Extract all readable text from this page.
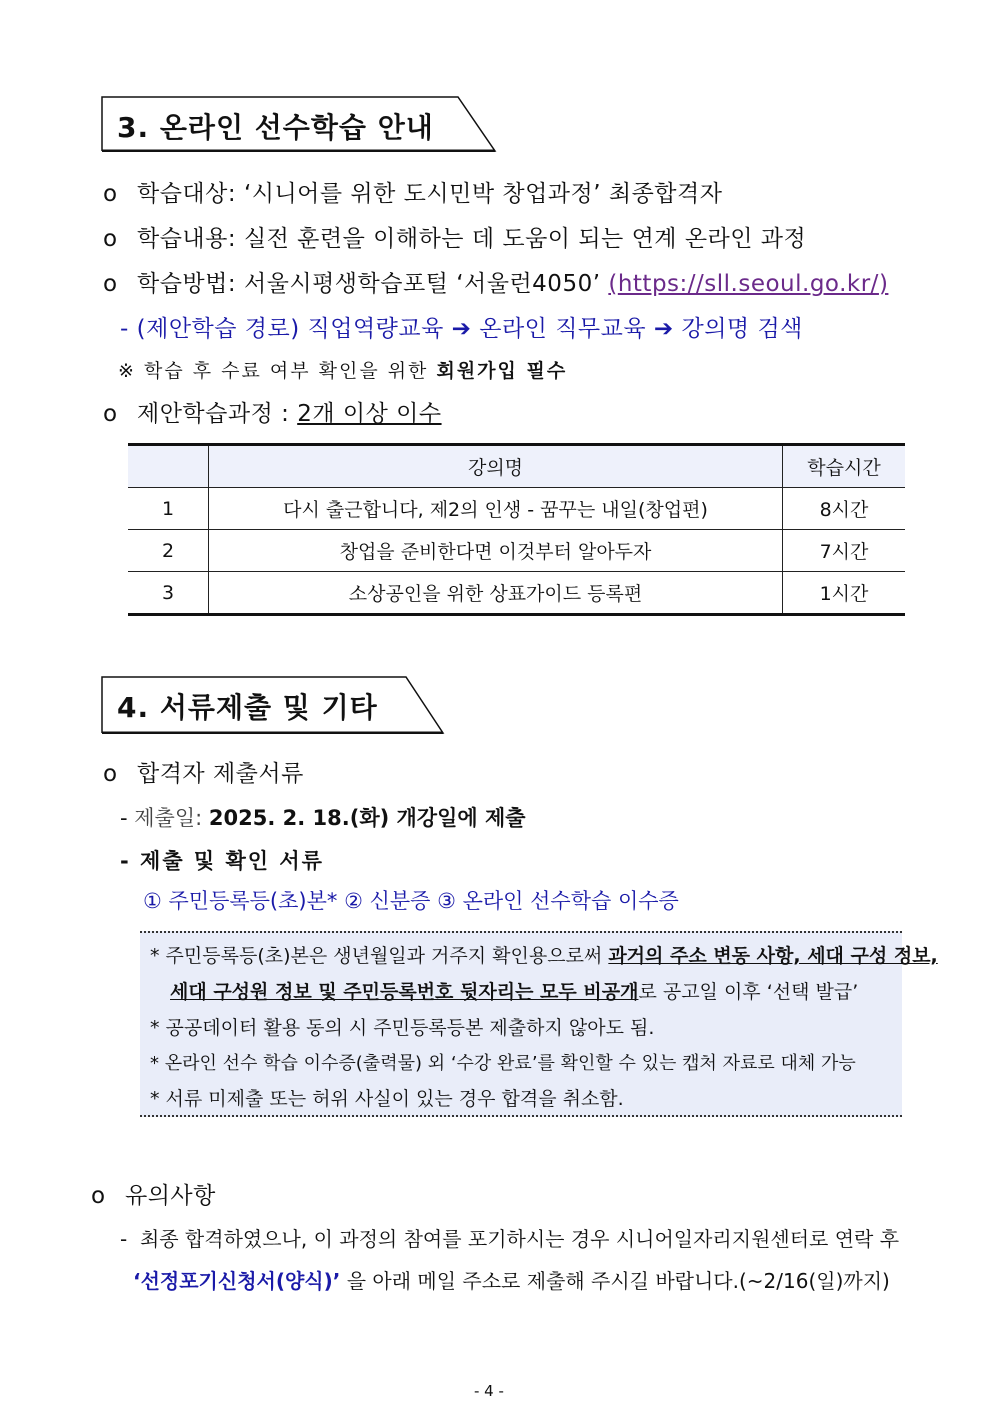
3. 온라인 선수학습 안내
o 학습대상: ‘시니어를 위한 도시민박 창업과정’ 최종합격자
o 학습내용: 실전 훈련을 이해하는 데 도움이 되는 연계 온라인 과정
o 학습방법: 서울시평생학습포털 ‘서울런4050’ (https://sll.seoul.go.kr/)
- (제안학습 경로) 직업역량교육 ➔ 온라인 직무교육 ➔ 강의명 검색
※ 학습 후 수료 여부 확인을 위한 회원가입 필수
o 제안학습과정 : 2개 이상 이수
	강의명	학습시간
1	다시 출근합니다, 제2의 인생 - 꿈꾸는 내일(창업편)	8시간
2	창업을 준비한다면 이것부터 알아두자	7시간
3	소상공인을 위한 상표가이드 등록편	1시간
4. 서류제출 및 기타
o 합격자 제출서류
- 제출일: 2025. 2. 18.(화) 개강일에 제출
- 제출 및 확인 서류
① 주민등록등(초)본* ② 신분증 ③ 온라인 선수학습 이수증
* 주민등록등(초)본은 생년월일과 거주지 확인용으로써 과거의 주소 변동 사항, 세대 구성 정보,
세대 구성원 정보 및 주민등록번호 뒷자리는 모두 비공개로 공고일 이후 ‘선택 발급’
* 공공데이터 활용 동의 시 주민등록등본 제출하지 않아도 됨.
* 온라인 선수 학습 이수증(출력물) 외 ‘수강 완료’를 확인할 수 있는 캡처 자료로 대체 가능
* 서류 미제출 또는 허위 사실이 있는 경우 합격을 취소함.
o 유의사항
- 최종 합격하였으나, 이 과정의 참여를 포기하시는 경우 시니어일자리지원센터로 연락 후
‘선정포기신청서(양식)’ 을 아래 메일 주소로 제출해 주시길 바랍니다.(~2/16(일)까지)
- 4 -
